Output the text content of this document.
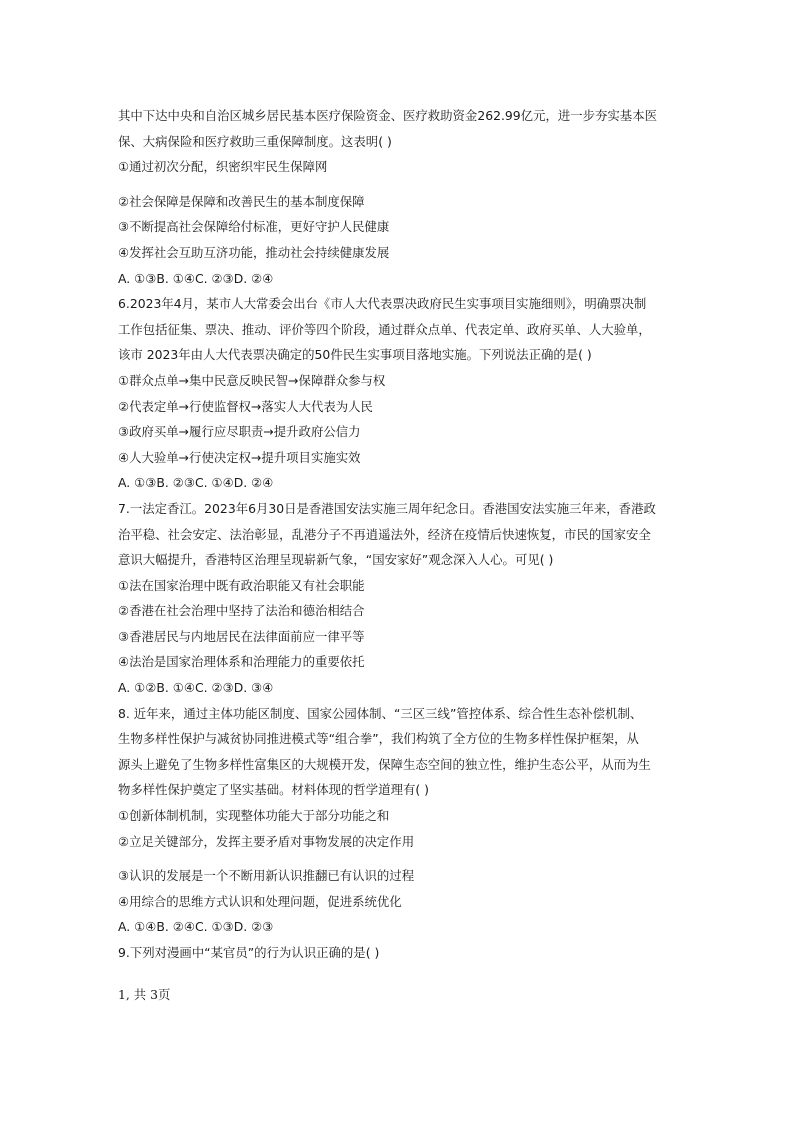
其中下达中央和自治区城乡居民基本医疗保险资金、医疗救助资金262.99亿元，进一步夯实基本医
保、大病保险和医疗救助三重保障制度。这表明( )
①通过初次分配，织密织牢民生保障网
②社会保障是保障和改善民生的基本制度保障
③不断提高社会保障给付标准，更好守护人民健康
④发挥社会互助互济功能，推动社会持续健康发展
A. ①③B. ①④C. ②③D. ②④
6.2023年4月，某市人大常委会出台《市人大代表票决政府民生实事项目实施细则》，明确票决制
工作包括征集、票决、推动、评价等四个阶段，通过群众点单、代表定单、政府买单、人大验单，
该市 2023年由人大代表票决确定的50件民生实事项目落地实施。下列说法正确的是( )
①群众点单→集中民意反映民智→保障群众参与权
②代表定单→行使监督权→落实人大代表为人民
③政府买单→履行应尽职责→提升政府公信力
④人大验单→行使决定权→提升项目实施实效
A. ①③B. ②③C. ①④D. ②④
7.一法定香江。2023年6月30日是香港国安法实施三周年纪念日。香港国安法实施三年来，香港政
治平稳、社会安定、法治彰显，乱港分子不再逍遥法外，经济在疫情后快速恢复，市民的国家安全
意识大幅提升，香港特区治理呈现崭新气象，“国安家好”观念深入人心。可见( )
①法在国家治理中既有政治职能又有社会职能
②香港在社会治理中坚持了法治和德治相结合
③香港居民与内地居民在法律面前应一律平等
④法治是国家治理体系和治理能力的重要依托
A. ①②B. ①④C. ②③D. ③④
8. 近年来，通过主体功能区制度、国家公园体制、“三区三线”管控体系、综合性生态补偿机制、
生物多样性保护与减贫协同推进模式等“组合拳”，我们构筑了全方位的生物多样性保护框架，从
源头上避免了生物多样性富集区的大规模开发，保障生态空间的独立性，维护生态公平，从而为生
物多样性保护奠定了坚实基础。材料体现的哲学道理有( )
①创新体制机制，实现整体功能大于部分功能之和
②立足关键部分，发挥主要矛盾对事物发展的决定作用
③认识的发展是一个不断用新认识推翻已有认识的过程
④用综合的思维方式认识和处理问题，促进系统优化
A. ①④B. ②④C. ①③D. ②③
9.下列对漫画中“某官员”的行为认识正确的是( )
1, 共 3页
